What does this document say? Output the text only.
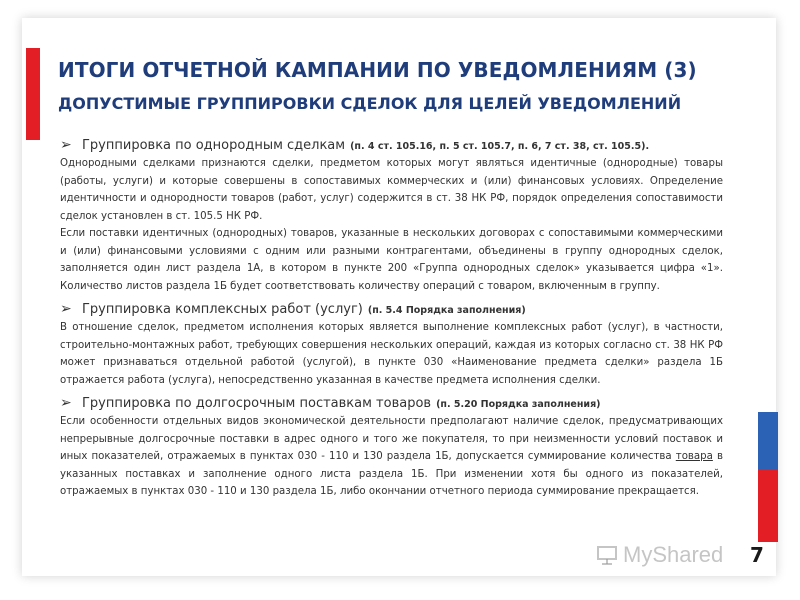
ИТОГИ ОТЧЕТНОЙ КАМПАНИИ ПО УВЕДОМЛЕНИЯМ (3)
ДОПУСТИМЫЕ ГРУППИРОВКИ СДЕЛОК ДЛЯ ЦЕЛЕЙ УВЕДОМЛЕНИЙ
➢ Группировка по однородным сделкам (п. 4 ст. 105.16, п. 5 ст. 105.7, п. 6, 7 ст. 38, ст. 105.5).

Однородными сделками признаются сделки, предметом которых могут являться идентичные (однородные) товары (работы, услуги) и которые совершены в сопоставимых коммерческих и (или) финансовых условиях. Определение идентичности и однородности товаров (работ, услуг) содержится в ст. 38 НК РФ, порядок определения сопоставимости сделок установлен в ст. 105.5 НК РФ.

Если поставки идентичных (однородных) товаров, указанные в нескольких договорах с сопоставимыми коммерческими и (или) финансовыми условиями с одним или разными контрагентами, объединены в группу однородных сделок, заполняется один лист раздела 1А, в котором в пункте 200 «Группа однородных сделок» указывается цифра «1». Количество листов раздела 1Б будет соответствовать количеству операций с товаром, включенным в группу.

➢ Группировка комплексных работ (услуг) (п. 5.4 Порядка заполнения)

В отношение сделок, предметом исполнения которых является выполнение комплексных работ (услуг), в частности, строительно-монтажных работ, требующих совершения нескольких операций, каждая из которых согласно ст. 38 НК РФ может признаваться отдельной работой (услугой), в пункте 030 «Наименование предмета сделки» раздела 1Б отражается работа (услуга), непосредственно указанная в качестве предмета исполнения сделки.

➢ Группировка по долгосрочным поставкам товаров (п. 5.20 Порядка заполнения)

Если особенности отдельных видов экономической деятельности предполагают наличие сделок, предусматривающих непрерывные долгосрочные поставки в адрес одного и того же покупателя, то при неизменности условий поставок и иных показателей, отражаемых в пунктах 030 - 110 и 130 раздела 1Б, допускается суммирование количества товара в указанных поставках и заполнение одного листа раздела 1Б. При изменении хотя бы одного из показателей, отражаемых в пунктах 030 - 110 и 130 раздела 1Б, либо окончании отчетного периода суммирование прекращается.

MyShared 7
